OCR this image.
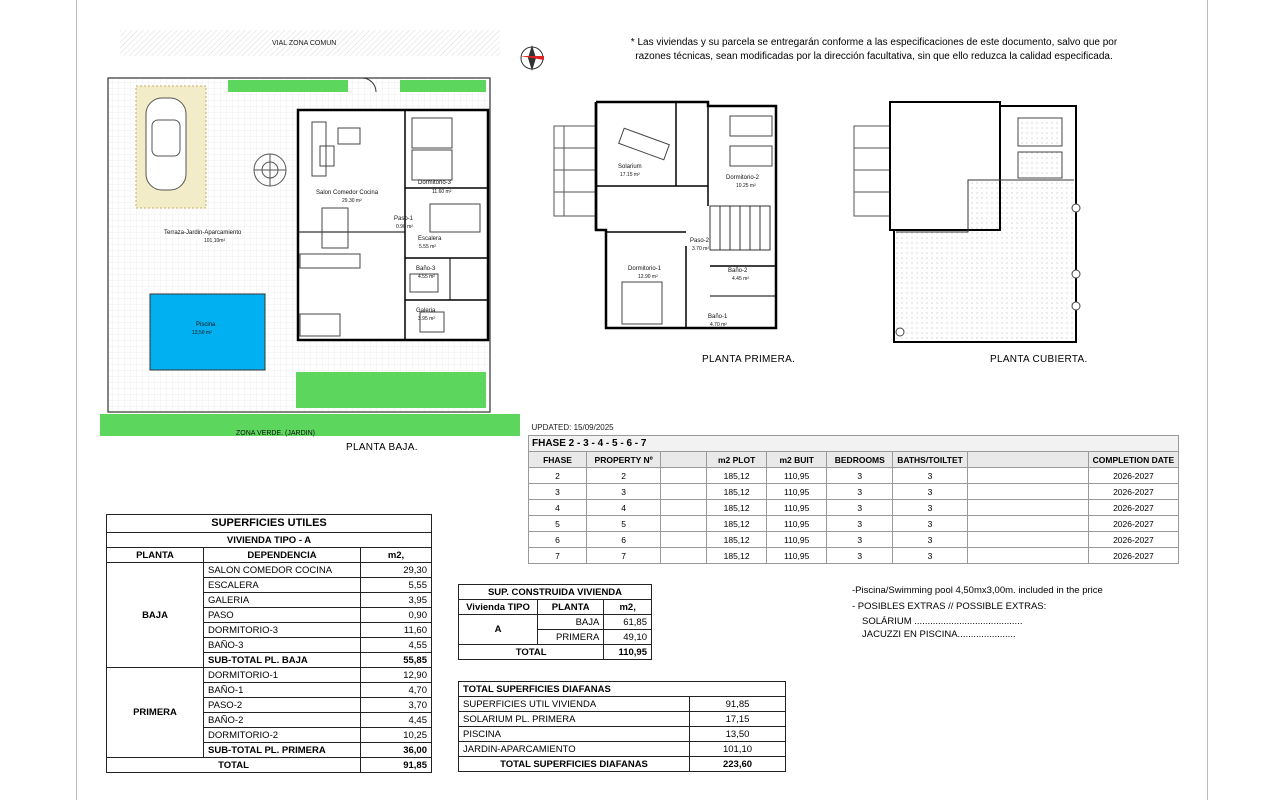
* Las viviendas y su parcela se entregarán conforme a las especificaciones de este documento, salvo que por
razones técnicas, sean modificadas por la dirección facultativa, sin que ello reduzca la calidad especificada.
Salon Comedor Cocina
29.30 m²
Dormitorio-3
11.60 m²
Paso-1
0.90 m²
Escalera
5.55 m²
Baño-3
4.55 m²
Galeria
3.95 m²
Terraza-Jardin-Aparcamiento
101,10m²
Piscina
13,50 m²
ZONA VERDE. (JARDIN)
PLANTA BAJA.
Solarium
17.15 m²	Dormitorio-2
10.25 m²
Paso-2
3.70 m²
Dormitorio-1
12.90 m²
Baño-2
4.45 m²
Baño-1
4.70 m²
PLANTA PRIMERA.	PLANTA CUBIERTA.
UPDATED: 15/09/2025								
FHASE 2 - 3 - 4 - 5 - 6 - 7								
FHASE	PROPERTY Nº		m2 PLOT	m2 BUIT	BEDROOMS	BATHS/TOILTET		COMPLETION DATE
2	2		185,12	110,95	3	3		2026-2027
3	3		185,12	110,95	3	3		2026-2027
4	4		185,12	110,95	3	3		2026-2027
5	5		185,12	110,95	3	3		2026-2027
6	6		185,12	110,95	3	3		2026-2027
7	7		185,12	110,95	3	3		2026-2027
-Piscina/Swimming pool 4,50mx3,00m. included in the price
- POSIBLES EXTRAS // POSSIBLE EXTRAS:
SOLÁRIUM .........................................
JACUZZI EN PISCINA......................
SUPERFICIES UTILES		
VIVIENDA TIPO - A		
PLANTA	DEPENDENCIA	m2,
BAJA	SALON COMEDOR COCINA	29,30
	ESCALERA	5,55
	GALERIA	3,95
	PASO	0,90
	DORMITORIO-3	11,60
	BAÑO-3	4,55
	SUB-TOTAL PL. BAJA	55,85
PRIMERA	DORMITORIO-1	12,90
	BAÑO-1	4,70
	PASO-2	3,70
	BAÑO-2	4,45
	DORMITORIO-2	10,25
	SUB-TOTAL PL. PRIMERA	36,00
TOTAL		91,85
SUP. CONSTRUIDA VIVIENDA		
Vivienda TIPO	PLANTA	m2,
A	BAJA	61,85
	PRIMERA	49,10
TOTAL		110,95
TOTAL SUPERFICIES DIAFANAS	
SUPERFICIES UTIL VIVIENDA	91,85
SOLARIUM PL. PRIMERA	17,15
PISCINA	13,50
JARDIN-APARCAMIENTO	101,10
TOTAL SUPERFICIES DIAFANAS	223,60
